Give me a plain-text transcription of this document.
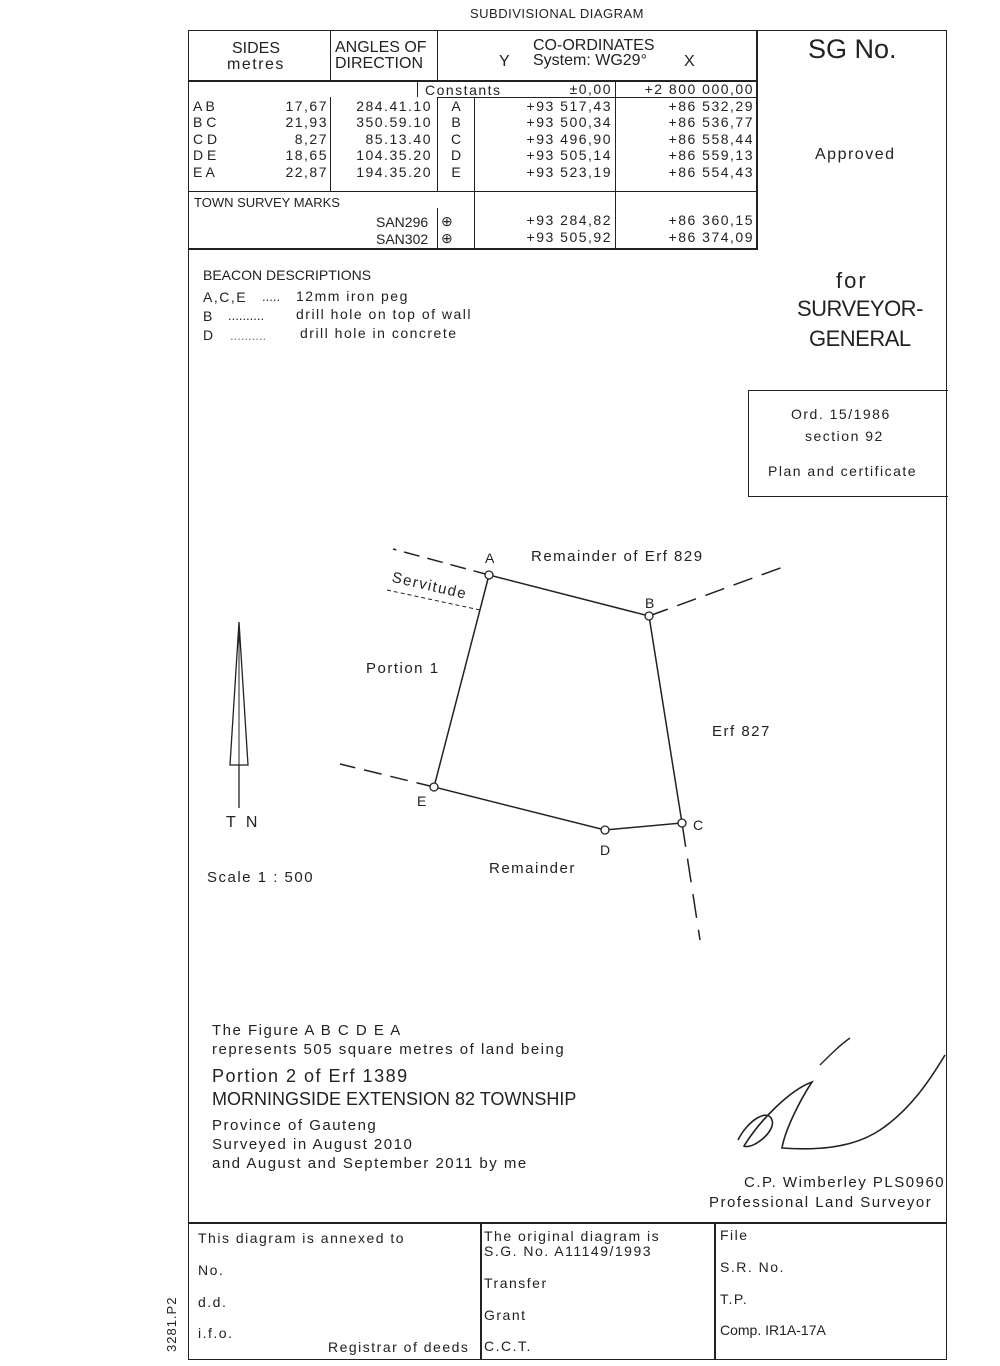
SUBDIVISIONAL DIAGRAM
SIDES
metres
ANGLES OF
DIRECTION
CO-ORDINATES
System: WG29°
Y	X
Constants	±0,00	+2 800 000,00
A B	17,67	284.41.10	A	+93 517,43	+86 532,29
B C	21,93	350.59.10	B	+93 500,34	+86 536,77
C D	8,27	85.13.40	C	+93 496,90	+86 558,44
D E	18,65	104.35.20	D	+93 505,14	+86 559,13
E A	22,87	194.35.20	E	+93 523,19	+86 554,43
TOWN SURVEY MARKS
SAN296 ⊕	+93 284,82	+86 360,15
SAN302 ⊕	+93 505,92	+86 374,09
SG No.
Approved
for
SURVEYOR-
GENERAL
Ord. 15/1986
section 92
Plan and certificate
BEACON DESCRIPTIONS
A,C,E ..... 12mm iron peg
B .......... drill hole on top of wall
D .......... drill hole in concrete
A
B
C
D
E
Servitude
Remainder of Erf 829
Portion 1
Erf 827
Remainder
T N
Scale 1 : 500
The Figure A B C D E A
represents 505 square metres of land being
Portion 2 of Erf 1389
MORNINGSIDE EXTENSION 82 TOWNSHIP
Province of Gauteng
Surveyed in August 2010
and August and September 2011 by me
C.P. Wimberley PLS0960
Professional Land Surveyor
This diagram is annexed to
No.
d.d.
i.f.o.
Registrar of deeds
The original diagram is
S.G. No. A11149/1993
Transfer
Grant
C.C.T.
File
S.R. No.
T.P.
Comp. IR1A-17A
3281.P2
